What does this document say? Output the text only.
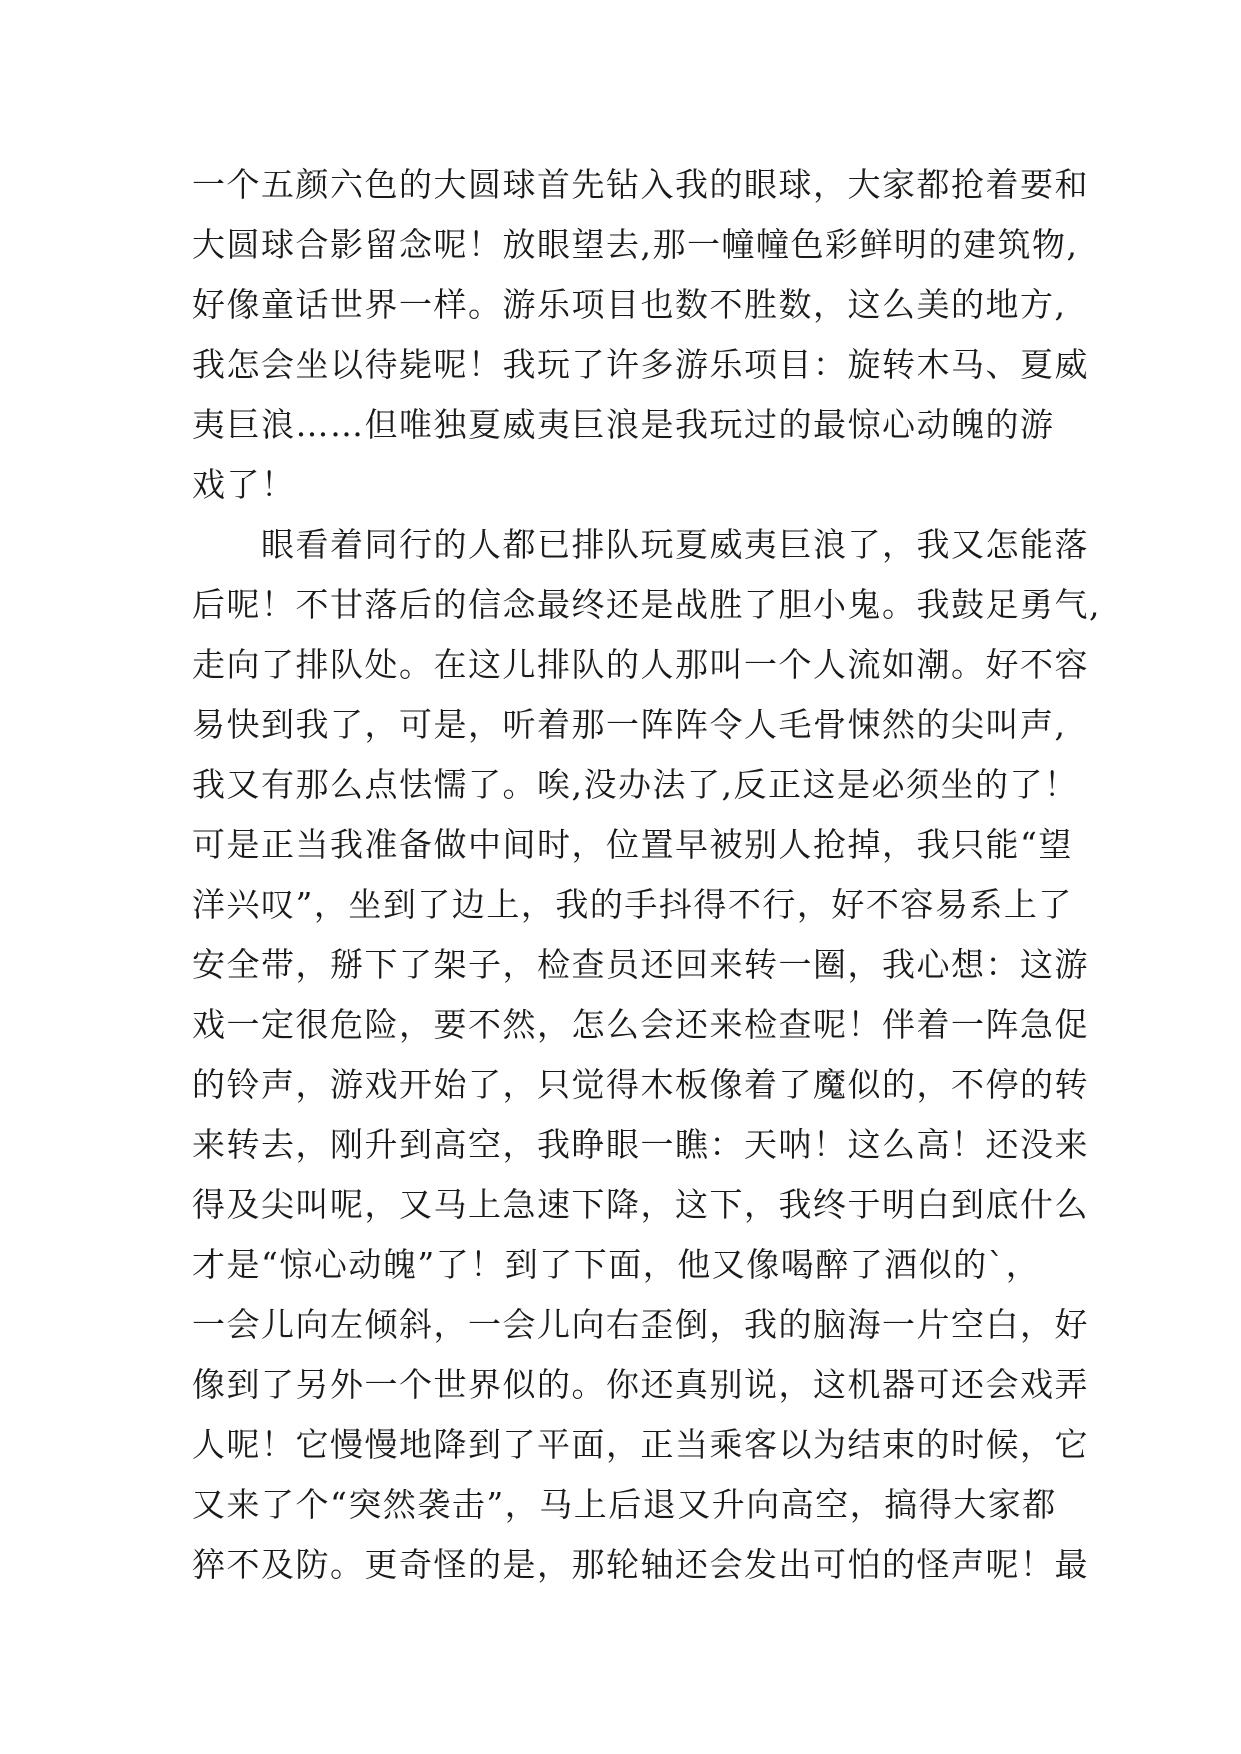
一个五颜六色的大圆球首先钻入我的眼球，大家都抢着要和
大圆球合影留念呢！放眼望去,那一幢幢色彩鲜明的建筑物,
好像童话世界一样。游乐项目也数不胜数，这么美的地方,
我怎会坐以待毙呢！我玩了许多游乐项目：旋转木马、夏威
夷巨浪……但唯独夏威夷巨浪是我玩过的最惊心动魄的游
戏了！
　　眼看着同行的人都已排队玩夏威夷巨浪了，我又怎能落
后呢！不甘落后的信念最终还是战胜了胆小鬼。我鼓足勇气,
走向了排队处。在这儿排队的人那叫一个人流如潮。好不容
易快到我了，可是，听着那一阵阵令人毛骨悚然的尖叫声,
我又有那么点怯懦了。唉,没办法了,反正这是必须坐的了！
可是正当我准备做中间时，位置早被别人抢掉，我只能“望
洋兴叹”，坐到了边上，我的手抖得不行，好不容易系上了
安全带，掰下了架子，检查员还回来转一圈，我心想：这游
戏一定很危险，要不然，怎么会还来检查呢！伴着一阵急促
的铃声，游戏开始了，只觉得木板像着了魔似的，不停的转
来转去，刚升到高空，我睁眼一瞧：天呐！这么高！还没来
得及尖叫呢，又马上急速下降，这下，我终于明白到底什么
才是“惊心动魄”了！到了下面，他又像喝醉了酒似的`，
一会儿向左倾斜，一会儿向右歪倒，我的脑海一片空白，好
像到了另外一个世界似的。你还真别说，这机器可还会戏弄
人呢！它慢慢地降到了平面，正当乘客以为结束的时候，它
又来了个“突然袭击”，马上后退又升向高空，搞得大家都
猝不及防。更奇怪的是，那轮轴还会发出可怕的怪声呢！最
